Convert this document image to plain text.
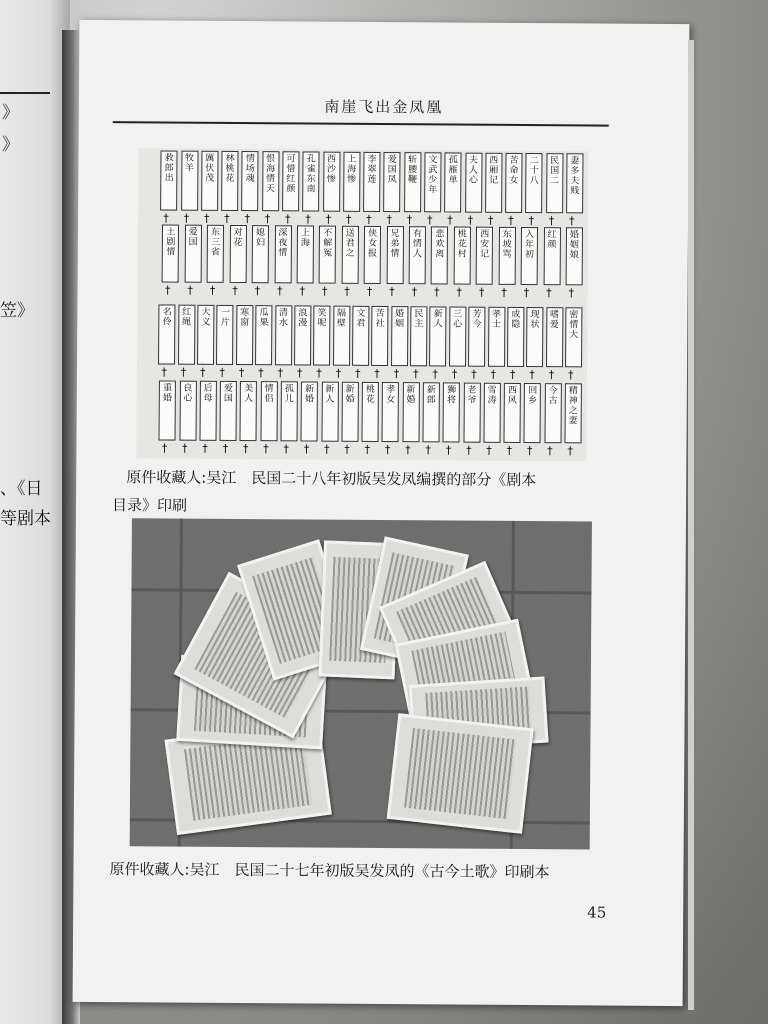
》
》
笠》
、《日
等剧本
南崖飞出金凤凰
妻
多
夫
贱
†
民
国
二
†
二
十
八
†
苦
命
女
†
西
厢
记
†
夫
人
心
†
孤
雁
单
†
文
武
少
年
†
斩
腰
鞭
†
爱
国
凤
†
李
翠
莲
†
上
海
惨
†
西
沙
惨
†
孔
雀
东
南
†
可
惜
红
颜
†
恨
海
情
天
†
情
场
魂
†
林
桃
花
†
厲
伏
茂
†
牧
羊
†
救
郎
出
†
婚
姻
娘
†
红
颜
†
入
年
初
†
东
坡
骂
†
西
安
记
†
桃
花
村
†
悲
欢
离
†
有
情
人
†
兄
弟
情
†
侠
女
报
†
送
君
之
†
不
解
冤
†
上
海
†
深
夜
情
†
媳
妇
†
对
花
†
东
三
省
†
爱
国
†
土
剧
情
†
密
情
大
†
嗜
爱
†
现
状
†
成
隐
†
孝
士
†
芳
今
†
三
心
†
新
人
†
民
主
†
婚
姻
†
苦
社
†
文
君
†
隔
壁
†
笑
呢
†
浪
漫
†
清
水
†
瓜
果
†
寒
窗
†
一
片
†
大
义
†
红
绳
†
名
伶
†
精
神
之
妻
†
今
古
†
回
乡
†
西
风
†
雪
涛
†
老
爷
†
狮
将
†
新
郎
†
新
婚
†
孝
女
†
桃
花
†
新
婚
†
新
人
†
新
婚
†
孤
儿
†
情
侣
†
美
人
†
爱
国
†
后
母
†
良
心
†
重
婚
†
原件收藏人:吴江　民国二十八年初版吴发凤编撰的部分《剧本
目录》印刷
原件收藏人:吴江　民国二十七年初版吴发凤的《古今土歌》印刷本
45
